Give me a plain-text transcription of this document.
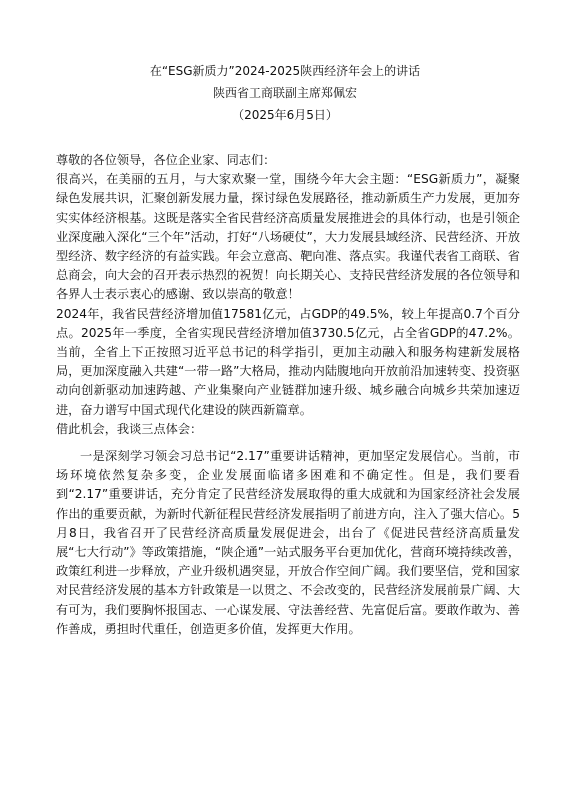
在“ESG新质力”2024-2025陕西经济年会上的讲话
陕西省工商联副主席郑佩宏
（2025年6月5日）

尊敬的各位领导，各位企业家、同志们：

很高兴，在美丽的五月，与大家欢聚一堂，围绕今年大会主题：“ESG新质力”，凝聚绿色发展共识，汇聚创新发展力量，探讨绿色发展路径，推动新质生产力发展，更加夯实实体经济根基。这既是落实全省民营经济高质量发展推进会的具体行动，也是引领企业深度融入深化“三个年”活动，打好“八场硬仗”，大力发展县域经济、民营经济、开放型经济、数字经济的有益实践。年会立意高、靶向准、落点实。我谨代表省工商联、省总商会，向大会的召开表示热烈的祝贺！向长期关心、支持民营经济发展的各位领导和各界人士表示衷心的感谢、致以崇高的敬意！

2024年，我省民营经济增加值17581亿元，占GDP的49.5%，较上年提高0.7个百分点。2025年一季度，全省实现民营经济增加值3730.5亿元，占全省GDP的47.2%。当前，全省上下正按照习近平总书记的科学指引，更加主动融入和服务构建新发展格局，更加深度融入共建“一带一路”大格局，推动内陆腹地向开放前沿加速转变、投资驱动向创新驱动加速跨越、产业集聚向产业链群加速升级、城乡融合向城乡共荣加速迈进，奋力谱写中国式现代化建设的陕西新篇章。

借此机会，我谈三点体会：

一是深刻学习领会习总书记“2.17”重要讲话精神，更加坚定发展信心。当前，市场环境依然复杂多变，企业发展面临诸多困难和不确定性。但是，我们要看到“2.17”重要讲话，充分肯定了民营经济发展取得的重大成就和为国家经济社会发展作出的重要贡献，为新时代新征程民营经济发展指明了前进方向，注入了强大信心。5月8日，我省召开了民营经济高质量发展促进会，出台了《促进民营经济高质量发展“七大行动”》等政策措施，“陕企通”一站式服务平台更加优化，营商环境持续改善，政策红利进一步释放，产业升级机遇突显，开放合作空间广阔。我们要坚信，党和国家对民营经济发展的基本方针政策是一以贯之、不会改变的，民营经济发展前景广阔、大有可为，我们要胸怀报国志、一心谋发展、守法善经营、先富促后富。要敢作敢为、善作善成，勇担时代重任，创造更多价值，发挥更大作用。
